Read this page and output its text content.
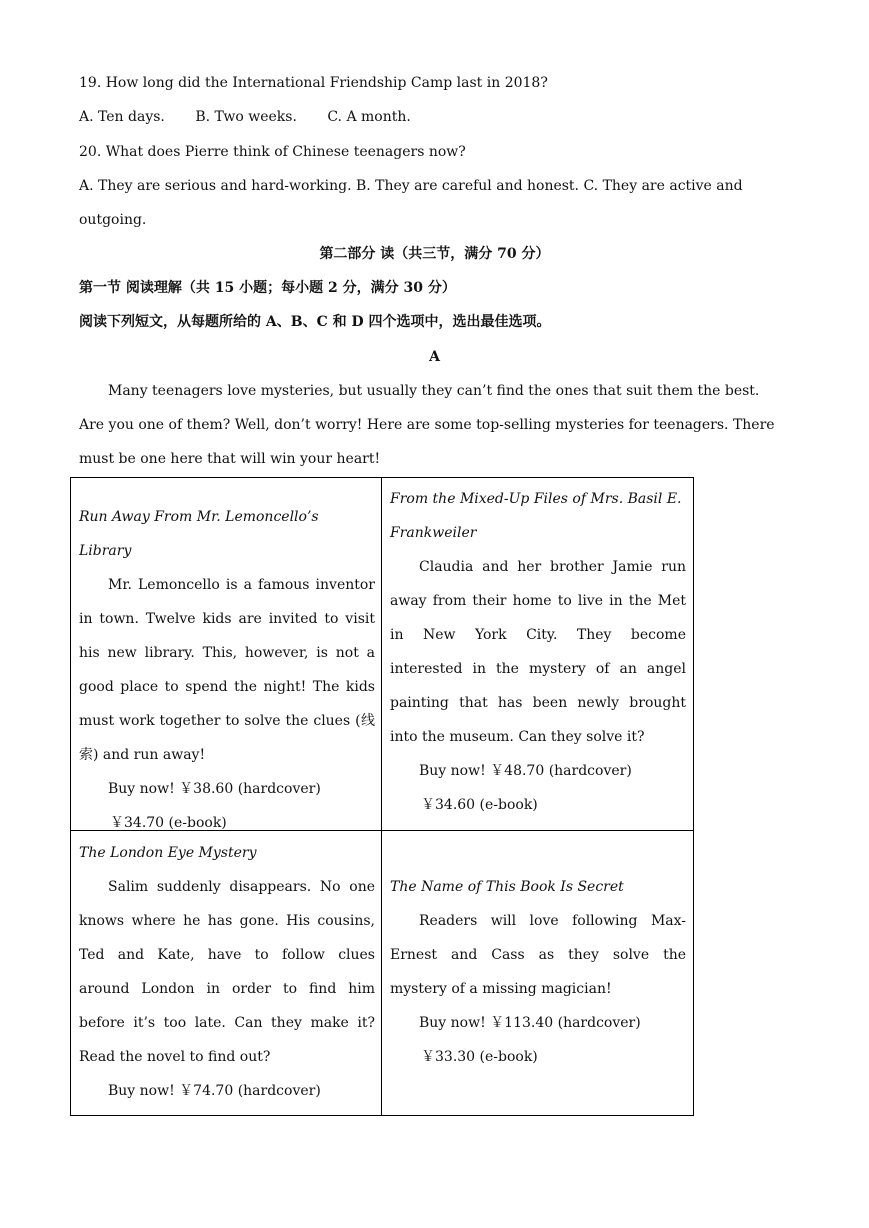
19. How long did the International Friendship Camp last in 2018?
A. Ten days. B. Two weeks. C. A month.
20. What does Pierre think of Chinese teenagers now?
A. They are serious and hard-working. B. They are careful and honest. C. They are active and
outgoing.
第二部分 读（共三节，满分 70 分）
第一节 阅读理解（共 15 小题；每小题 2 分，满分 30 分）
阅读下列短文，从每题所给的 A、B、C 和 D 四个选项中，选出最佳选项。
A
Many teenagers love mysteries, but usually they can’t find the ones that suit them the best.
Are you one of them? Well, don’t worry! Here are some top-selling mysteries for teenagers. There
must be one here that will win your heart!
Run Away From Mr. Lemoncello’s Library
Mr. Lemoncello is a famous inventor in town. Twelve kids are invited to visit his new library. This, however, is not a good place to spend the night! The kids must work together to solve the clues (线索) and run away!
Buy now! ￥38.60 (hardcover)
￥34.70 (e-book)
From the Mixed-Up Files of Mrs. Basil E. Frankweiler
Claudia and her brother Jamie run away from their home to live in the Met in New York City. They become interested in the mystery of an angel painting that has been newly brought into the museum. Can they solve it?
Buy now! ￥48.70 (hardcover)
￥34.60 (e-book)
The London Eye Mystery
Salim suddenly disappears. No one knows where he has gone. His cousins, Ted and Kate, have to follow clues around London in order to find him before it’s too late. Can they make it? Read the novel to find out?
Buy now! ￥74.70 (hardcover)
The Name of This Book Is Secret
Readers will love following Max-Ernest and Cass as they solve the mystery of a missing magician!
Buy now! ￥113.40 (hardcover)
￥33.30 (e-book)
